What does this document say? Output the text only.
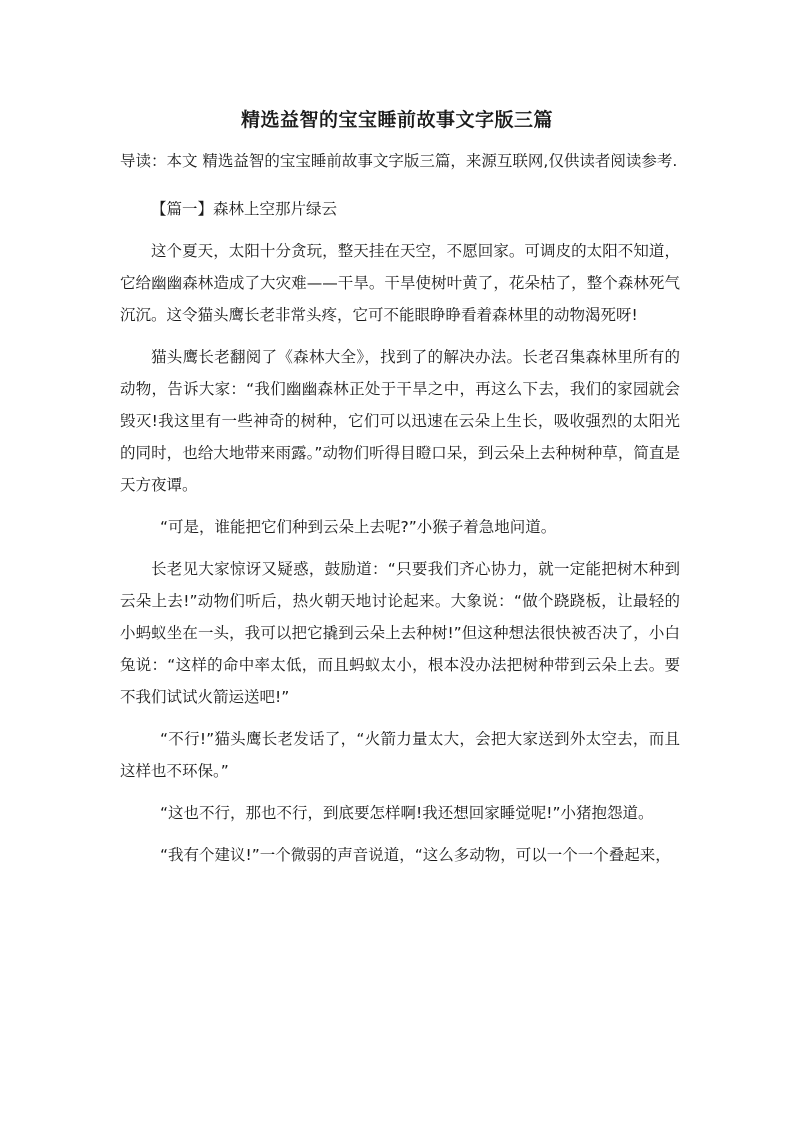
精选益智的宝宝睡前故事文字版三篇

导读：本文 精选益智的宝宝睡前故事文字版三篇，来源互联网,仅供读者阅读参考.

【篇一】森林上空那片绿云

这个夏天，太阳十分贪玩，整天挂在天空，不愿回家。可调皮的太阳不知道，它给幽幽森林造成了大灾难——干旱。干旱使树叶黄了，花朵枯了，整个森林死气沉沉。这令猫头鹰长老非常头疼，它可不能眼睁睁看着森林里的动物渴死呀!

猫头鹰长老翻阅了《森林大全》，找到了的解决办法。长老召集森林里所有的动物，告诉大家：“我们幽幽森林正处于干旱之中，再这么下去，我们的家园就会毁灭!我这里有一些神奇的树种，它们可以迅速在云朵上生长，吸收强烈的太阳光的同时，也给大地带来雨露。”动物们听得目瞪口呆，到云朵上去种树种草，简直是天方夜谭。

“可是，谁能把它们种到云朵上去呢?”小猴子着急地问道。

长老见大家惊讶又疑惑，鼓励道：“只要我们齐心协力，就一定能把树木种到云朵上去!”动物们听后，热火朝天地讨论起来。大象说：“做个跷跷板，让最轻的小蚂蚁坐在一头，我可以把它撬到云朵上去种树!”但这种想法很快被否决了，小白兔说：“这样的命中率太低，而且蚂蚁太小，根本没办法把树种带到云朵上去。要不我们试试火箭运送吧!”

“不行!”猫头鹰长老发话了，“火箭力量太大，会把大家送到外太空去，而且这样也不环保。”

“这也不行，那也不行，到底要怎样啊!我还想回家睡觉呢!”小猪抱怨道。

“我有个建议!”一个微弱的声音说道，“这么多动物，可以一个一个叠起来，
